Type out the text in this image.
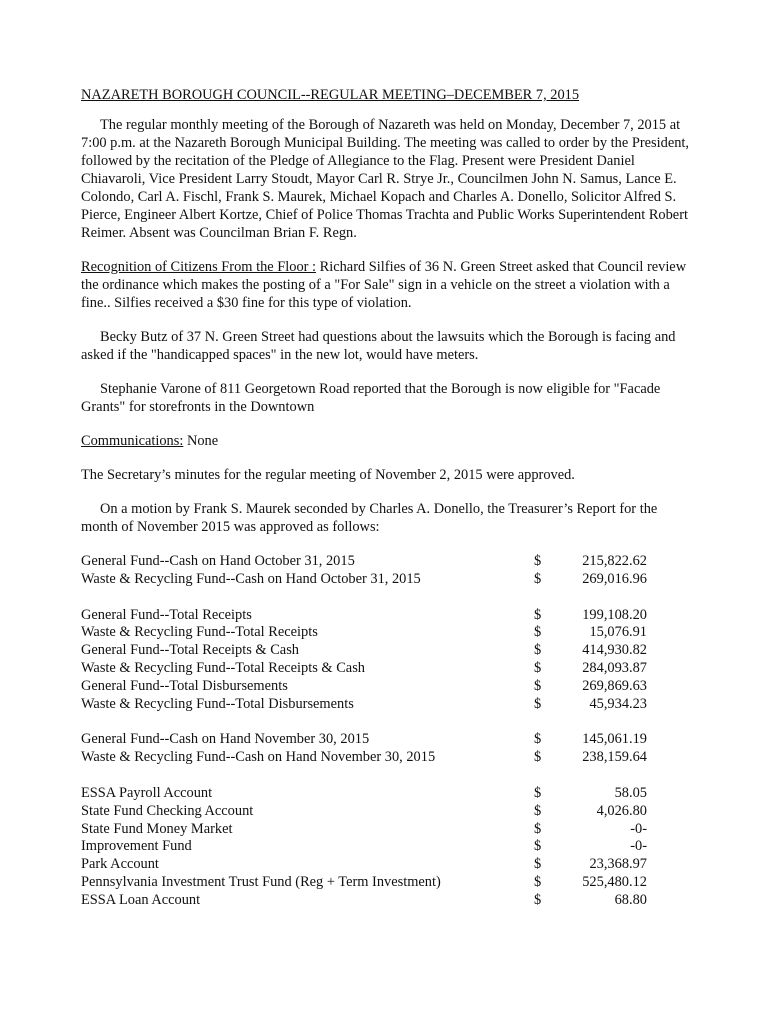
NAZARETH BOROUGH COUNCIL--REGULAR MEETING–DECEMBER 7, 2015

The regular monthly meeting of the Borough of Nazareth was held on Monday, December 7, 2015 at 7:00 p.m. at the Nazareth Borough Municipal Building. The meeting was called to order by the President, followed by the recitation of the Pledge of Allegiance to the Flag. Present were President Daniel Chiavaroli, Vice President Larry Stoudt, Mayor Carl R. Strye Jr., Councilmen John N. Samus, Lance E. Colondo, Carl A. Fischl, Frank S. Maurek, Michael Kopach and Charles A. Donello, Solicitor Alfred S. Pierce, Engineer Albert Kortze, Chief of Police Thomas Trachta and Public Works Superintendent Robert Reimer. Absent was Councilman Brian F. Regn.

Recognition of Citizens From the Floor : Richard Silfies of 36 N. Green Street asked that Council review the ordinance which makes the posting of a "For Sale" sign in a vehicle on the street a violation with a fine.. Silfies received a $30 fine for this type of violation.

Becky Butz of 37 N. Green Street had questions about the lawsuits which the Borough is facing and asked if the "handicapped spaces" in the new lot, would have meters.

Stephanie Varone of 811 Georgetown Road reported that the Borough is now eligible for "Facade Grants" for storefronts in the Downtown

Communications: None

The Secretary’s minutes for the regular meeting of November 2, 2015 were approved.

On a motion by Frank S. Maurek seconded by Charles A. Donello, the Treasurer’s Report for the month of November 2015 was approved as follows:

General Fund--Cash on Hand October 31, 2015	$	215,822.62
Waste & Recycling Fund--Cash on Hand October 31, 2015	$	269,016.96
General Fund--Total Receipts	$	199,108.20
Waste & Recycling Fund--Total Receipts	$	15,076.91
General Fund--Total Receipts & Cash	$	414,930.82
Waste & Recycling Fund--Total Receipts & Cash	$	284,093.87
General Fund--Total Disbursements	$	269,869.63
Waste & Recycling Fund--Total Disbursements	$	45,934.23
General Fund--Cash on Hand November 30, 2015	$	145,061.19
Waste & Recycling Fund--Cash on Hand November 30, 2015	$	238,159.64
ESSA Payroll Account	$	58.05
State Fund Checking Account	$	4,026.80
State Fund Money Market	$	-0-
Improvement Fund	$	-0-
Park Account	$	23,368.97
Pennsylvania Investment Trust Fund (Reg + Term Investment)	$	525,480.12
ESSA Loan Account	$	68.80
